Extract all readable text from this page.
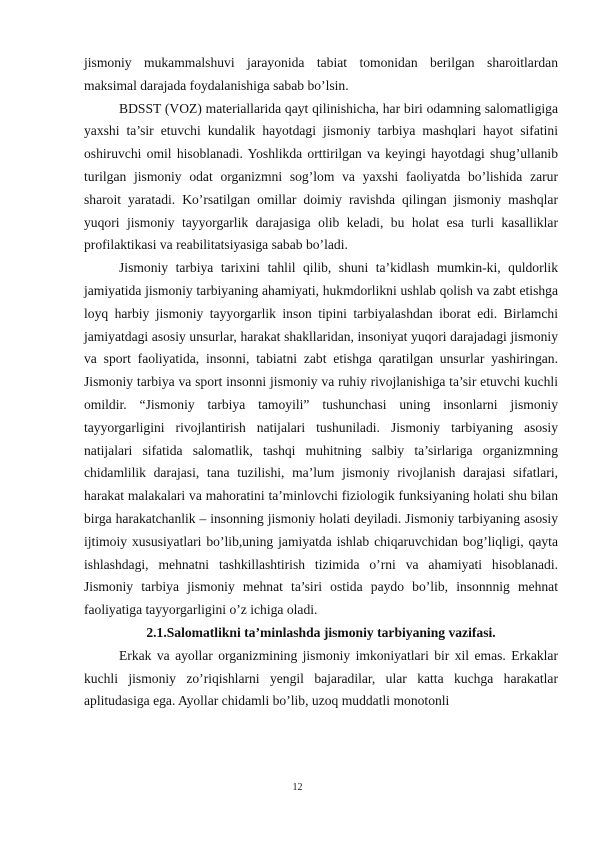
jismoniy mukammalshuvi jarayonida tabiat tomonidan berilgan sharoitlardan maksimal darajada foydalanishiga sabab bo’lsin.

BDSST (VOZ) materiallarida qayt qilinishicha, har biri odamning salomatligiga yaxshi ta’sir etuvchi kundalik hayotdagi jismoniy tarbiya mashqlari hayot sifatini oshiruvchi omil hisoblanadi. Yoshlikda orttirilgan va keyingi hayotdagi shug’ullanib turilgan jismoniy odat organizmni sog’lom va yaxshi faoliyatda bo’lishida zarur sharoit yaratadi. Ko’rsatilgan omillar doimiy ravishda qilingan jismoniy mashqlar yuqori jismoniy tayyorgarlik darajasiga olib keladi, bu holat esa turli kasalliklar profilaktikasi va reabilitatsiyasiga sabab bo’ladi.

Jismoniy tarbiya tarixini tahlil qilib, shuni ta’kidlash mumkin-ki, quldorlik jamiyatida jismoniy tarbiyaning ahamiyati, hukmdorlikni ushlab qolish va zabt etishga loyq harbiy jismoniy tayyorgarlik inson tipini tarbiyalashdan iborat edi. Birlamchi jamiyatdagi asosiy unsurlar, harakat shakllaridan, insoniyat yuqori darajadagi jismoniy va sport faoliyatida, insonni, tabiatni zabt etishga qaratilgan unsurlar yashiringan. Jismoniy tarbiya va sport insonni jismoniy va ruhiy rivojlanishiga ta’sir etuvchi kuchli omildir. “Jismoniy tarbiya tamoyili” tushunchasi uning insonlarni jismoniy tayyorgarligini rivojlantirish natijalari tushuniladi. Jismoniy tarbiyaning asosiy natijalari sifatida salomatlik, tashqi muhitning salbiy ta’sirlariga organizmning chidamlilik darajasi, tana tuzilishi, ma’lum jismoniy rivojlanish darajasi sifatlari, harakat malakalari va mahoratini ta’minlovchi fiziologik funksiyaning holati shu bilan birga harakatchanlik – insonning jismoniy holati deyiladi. Jismoniy tarbiyaning asosiy ijtimoiy xususiyatlari bo’lib,uning jamiyatda ishlab chiqaruvchidan bog’liqligi, qayta ishlashdagi, mehnatni tashkillashtirish tizimida o’rni va ahamiyati hisoblanadi. Jismoniy tarbiya jismoniy mehnat ta’siri ostida paydo bo’lib, insonnnig mehnat faoliyatiga tayyorgarligini o’z ichiga oladi.

2.1.Salomatlikni ta’minlashda jismoniy tarbiyaning vazifasi.

Erkak va ayollar organizmining jismoniy imkoniyatlari bir xil emas. Erkaklar kuchli jismoniy zo’riqishlarni yengil bajaradilar, ular katta kuchga harakatlar aplitudasiga ega. Ayollar chidamli bo’lib, uzoq muddatli monotonli

12
